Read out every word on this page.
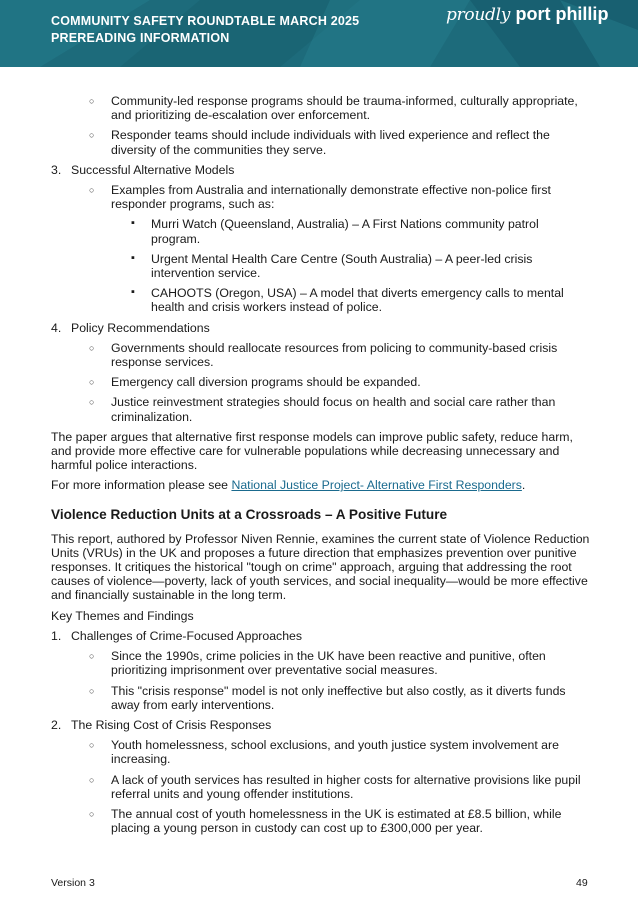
COMMUNITY SAFETY ROUNDTABLE MARCH 2025
PREREADING INFORMATION
proudly port phillip
○ Community-led response programs should be trauma-informed, culturally appropriate, and prioritizing de-escalation over enforcement.
○ Responder teams should include individuals with lived experience and reflect the diversity of the communities they serve.
3. Successful Alternative Models
○ Examples from Australia and internationally demonstrate effective non-police first responder programs, such as:
▪ Murri Watch (Queensland, Australia) – A First Nations community patrol program.
▪ Urgent Mental Health Care Centre (South Australia) – A peer-led crisis intervention service.
▪ CAHOOTS (Oregon, USA) – A model that diverts emergency calls to mental health and crisis workers instead of police.
4. Policy Recommendations
○ Governments should reallocate resources from policing to community-based crisis response services.
○ Emergency call diversion programs should be expanded.
○ Justice reinvestment strategies should focus on health and social care rather than criminalization.
The paper argues that alternative first response models can improve public safety, reduce harm, and provide more effective care for vulnerable populations while decreasing unnecessary and harmful police interactions.
For more information please see National Justice Project- Alternative First Responders.
Violence Reduction Units at a Crossroads – A Positive Future
This report, authored by Professor Niven Rennie, examines the current state of Violence Reduction Units (VRUs) in the UK and proposes a future direction that emphasizes prevention over punitive responses. It critiques the historical "tough on crime" approach, arguing that addressing the root causes of violence—poverty, lack of youth services, and social inequality—would be more effective and financially sustainable in the long term.
Key Themes and Findings
1. Challenges of Crime-Focused Approaches
○ Since the 1990s, crime policies in the UK have been reactive and punitive, often prioritizing imprisonment over preventative social measures.
○ This "crisis response" model is not only ineffective but also costly, as it diverts funds away from early interventions.
2. The Rising Cost of Crisis Responses
○ Youth homelessness, school exclusions, and youth justice system involvement are increasing.
○ A lack of youth services has resulted in higher costs for alternative provisions like pupil referral units and young offender institutions.
○ The annual cost of youth homelessness in the UK is estimated at £8.5 billion, while placing a young person in custody can cost up to £300,000 per year.
Version 3	49
